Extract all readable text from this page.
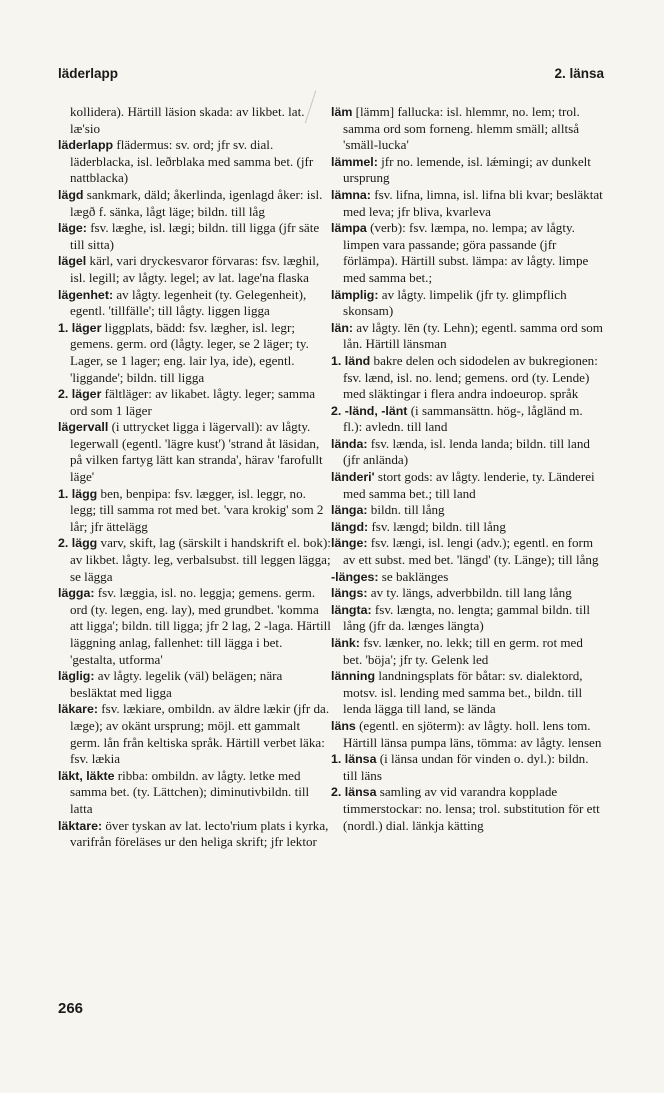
läderlapp	2. länsa

kollidera). Härtill läsion skada: av likbet. lat. læ'sio

läderlapp flädermus: sv. ord; jfr sv. dial. läderblacka, isl. leðrblaka med samma bet. (jfr nattblacka)

lägd sankmark, däld; åkerlinda, igenlagd åker: isl. lægð f. sänka, lågt läge; bildn. till låg

läge: fsv. læghe, isl. lægi; bildn. till ligga (jfr säte till sitta)

lägel kärl, vari dryckesvaror förvaras: fsv. læghil, isl. legill; av lågty. legel; av lat. lage'na flaska

lägenhet: av lågty. legenheit (ty. Gelegenheit), egentl. 'tillfälle'; till lågty. liggen ligga

1. läger liggplats, bädd: fsv. lægher, isl. legr; gemens. germ. ord (lågty. leger, se 2 läger; ty. Lager, se 1 lager; eng. lair lya, ide), egentl. 'liggande'; bildn. till ligga

2. läger fältläger: av likabet. lågty. leger; samma ord som 1 läger

lägervall (i uttrycket ligga i lägervall): av lågty. legerwall (egentl. 'lägre kust') 'strand åt läsidan, på vilken fartyg lätt kan stranda', härav 'farofullt läge'

1. lägg ben, benpipa: fsv. lægger, isl. leggr, no. legg; till samma rot med bet. 'vara krokig' som 2 lår; jfr ättelägg

2. lägg varv, skift, lag (särskilt i handskrift el. bok): av likbet. lågty. leg, verbalsubst. till leggen lägga; se lägga

lägga: fsv. læggia, isl. no. leggja; gemens. germ. ord (ty. legen, eng. lay), med grundbet. 'komma att ligga'; bildn. till ligga; jfr 2 lag, 2 -laga. Härtill läggning anlag, fallenhet: till lägga i bet. 'gestalta, utforma'

läglig: av lågty. legelik (väl) belägen; nära besläktat med ligga

läkare: fsv. lækiare, ombildn. av äldre lækir (jfr da. læge); av okänt ursprung; möjl. ett gammalt germ. lån från keltiska språk. Härtill verbet läka: fsv. lækia

läkt, läkte ribba: ombildn. av lågty. letke med samma bet. (ty. Lättchen); diminutivbildn. till latta

läktare: över tyskan av lat. lecto'rium plats i kyrka, varifrån föreläses ur den heliga skrift; jfr lektor

läm [lämm] fallucka: isl. hlemmr, no. lem; trol. samma ord som forneng. hlemm smäll; alltså 'smäll-lucka'

lämmel: jfr no. lemende, isl. lǽmingi; av dunkelt ursprung

lämna: fsv. lifna, limna, isl. lifna bli kvar; besläktat med leva; jfr bliva, kvarleva

lämpa (verb): fsv. læmpa, no. lempa; av lågty. limpen vara passande; göra passande (jfr förlämpa). Härtill subst. lämpa: av lågty. limpe med samma bet.;

lämplig: av lågty. limpelik (jfr ty. glimpflich skonsam)

län: av lågty. lēn (ty. Lehn); egentl. samma ord som lån. Härtill länsman

1. länd bakre delen och sidodelen av bukregionen: fsv. lænd, isl. no. lend; gemens. ord (ty. Lende) med släktingar i flera andra indoeurop. språk

2. -länd, -länt (i sammansättn. hög-, lågländ m. fl.): avledn. till land

lända: fsv. lænda, isl. lenda landa; bildn. till land (jfr anlända)

länderi' stort gods: av lågty. lenderie, ty. Länderei med samma bet.; till land

länga: bildn. till lång

längd: fsv. længd; bildn. till lång

länge: fsv. længi, isl. lengi (adv.); egentl. en form av ett subst. med bet. 'längd' (ty. Länge); till lång

-länges: se baklänges

längs: av ty. längs, adverbbildn. till lang lång

längta: fsv. længta, no. lengta; gammal bildn. till lång (jfr da. længes längta)

länk: fsv. lænker, no. lekk; till en germ. rot med bet. 'böja'; jfr ty. Gelenk led

länning landningsplats för båtar: sv. dialektord, motsv. isl. lending med samma bet., bildn. till lenda lägga till land, se lända

läns (egentl. en sjöterm): av lågty. holl. lens tom. Härtill länsa pumpa läns, tömma: av lågty. lensen

1. länsa (i länsa undan för vinden o. dyl.): bildn. till läns

2. länsa samling av vid varandra kopplade timmerstockar: no. lensa; trol. substitution för ett (nordl.) dial. länkja kätting

266
